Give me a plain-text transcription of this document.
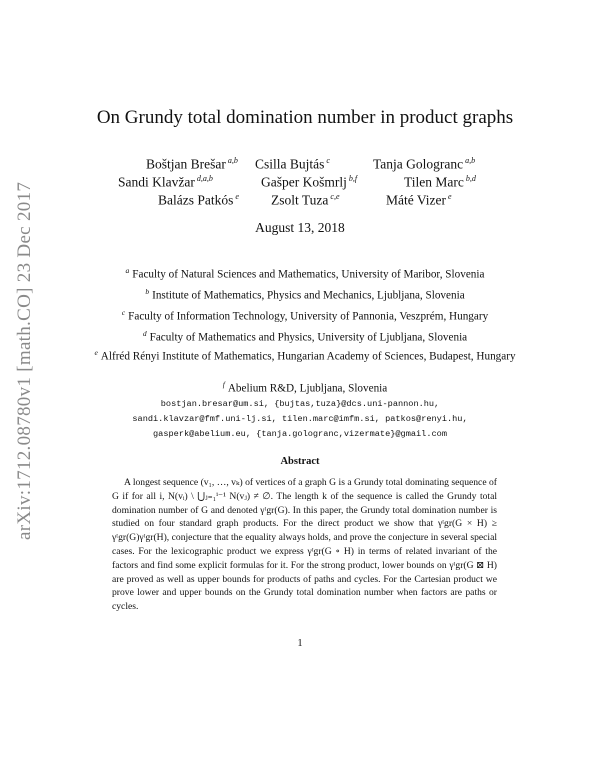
arXiv:1712.08780v1 [math.CO] 23 Dec 2017
On Grundy total domination number in product graphs
Boštjan Brešar $^{a,b}$ Csilla Bujtás $^c$	Tanja Gologranc $^{a,b}$
Sandi Klavžar $^{d,a,b}$	Gašper Košmrlj $^{b,f}$	Tilen Marc $^{b,d}$
Balázs Patkós $^e$ Zsolt Tuza $^{c,e}$	Máté Vizer $^e$
August 13, 2018
$^a$ Faculty of Natural Sciences and Mathematics, University of Maribor, Slovenia
$^b$ Institute of Mathematics, Physics and Mechanics, Ljubljana, Slovenia
$^c$ Faculty of Information Technology, University of Pannonia, Veszprém, Hungary
$^d$ Faculty of Mathematics and Physics, University of Ljubljana, Slovenia
$^e$ Alfréd Rényi Institute of Mathematics, Hungarian Academy of Sciences, Budapest, Hungary
$^f$ Abelium R&D, Ljubljana, Slovenia
bostjan.bresar@um.si, {bujtas,tuza}@dcs.uni-pannon.hu,
sandi.klavzar@fmf.uni-lj.si, tilen.marc@imfm.si, patkos@renyi.hu,
gasperk@abelium.eu, {tanja.gologranc,vizermate}@gmail.com
Abstract
A longest sequence (v₁, …, vₖ) of vertices of a graph G is a Grundy total dominating sequence of G if for all i, N(vᵢ) \ ⋃ⱼ₌₁ⁱ⁻¹ N(vⱼ) ≠ ∅. The length k of the sequence is called the Grundy total domination number of G and denoted γᵗgr(G). In this paper, the Grundy total domination number is studied on four standard graph products. For the direct product we show that γᵗgr(G × H) ≥ γᵗgr(G)γᵗgr(H), conjecture that the equality always holds, and prove the conjecture in several special cases. For the lexicographic product we express γᵗgr(G ∘ H) in terms of related invariant of the factors and find some explicit formulas for it. For the strong product, lower bounds on γᵗgr(G ⊠ H) are proved as well as upper bounds for products of paths and cycles. For the Cartesian product we prove lower and upper bounds on the Grundy total domination number when factors are paths or cycles.
1
